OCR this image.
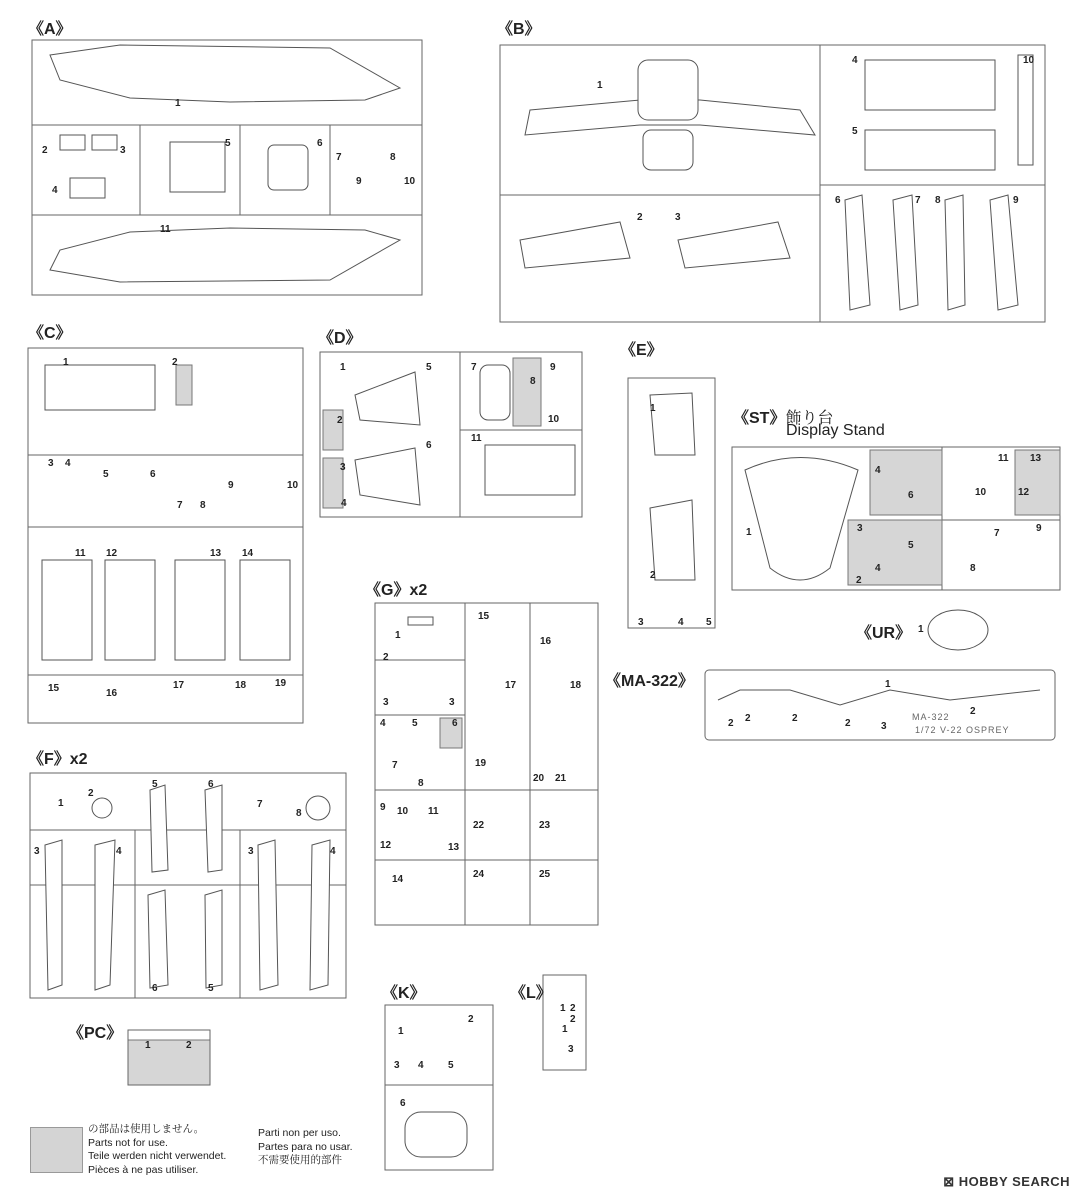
《A》	《B》
《C》	《D》
《E》
《ST》飾り台
Display Stand
《UR》
《MA-322》
《G》x2
《F》x2
《PC》
《K》	《L》
1
2	3
4
5	6
7	8
9	10
11
1
2	3
4
5
6	7 8	9
10
1	2
3 4
5	6
7 8
9	10
11 12	13 14
15	16
17	18	19
1
2
3
4
5
6
7
8
9
10
11
1
2
3	4 5
1
2
3
4
5
6
7
8
9
10
11
12
13
4
1
1
2 2	2	2	3
2
MA-322
1/72 V-22 OSPREY
1
2
3	3
4	5	6
7
8
9 10 11
12	13
14
15
16
17	18
19
20 21
22	23
24	25
1
2
3	4
5	6
7
8
3	4
6	5
1	2
1
2
3 4 5
6
1 2
1
2
3
の部品は使用しません。
Parts not for use.
Teile werden nicht verwendet.
Pièces à ne pas utiliser.
Parti non per uso.
Partes para no usar.
不需要使用的部件
⊠ HOBBY SEARCH
